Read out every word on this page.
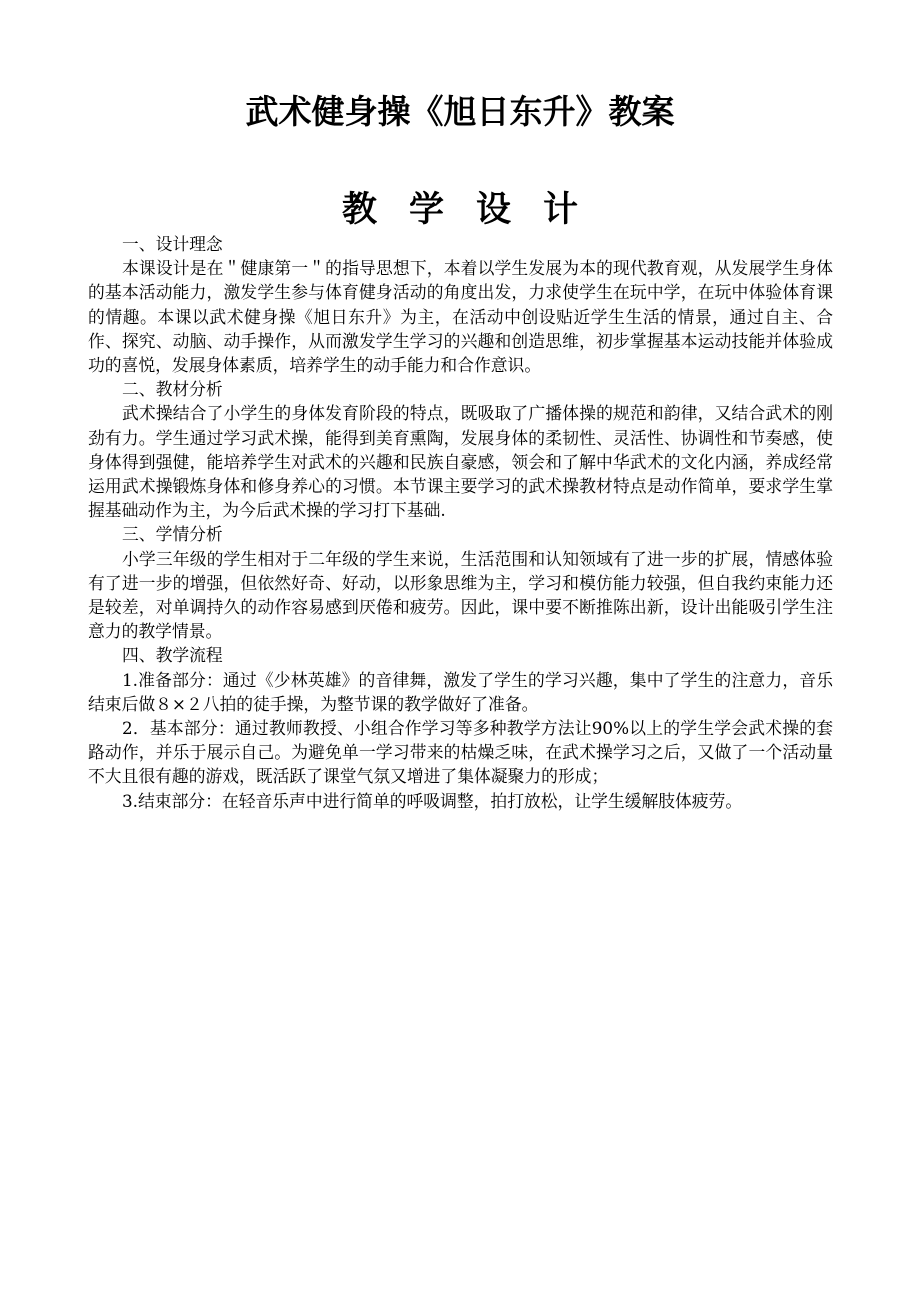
武术健身操《旭日东升》教案
教学设计

一、设计理念

本课设计是在＂健康第一＂的指导思想下，本着以学生发展为本的现代教育观，从发展学生身体的基本活动能力，激发学生参与体育健身活动的角度出发，力求使学生在玩中学，在玩中体验体育课的情趣。本课以武术健身操《旭日东升》为主，在活动中创设贴近学生生活的情景，通过自主、合作、探究、动脑、动手操作，从而激发学生学习的兴趣和创造思维，初步掌握基本运动技能并体验成功的喜悦，发展身体素质，培养学生的动手能力和合作意识。

二、教材分析

武术操结合了小学生的身体发育阶段的特点，既吸取了广播体操的规范和韵律，又结合武术的刚劲有力。学生通过学习武术操，能得到美育熏陶，发展身体的柔韧性、灵活性、协调性和节奏感，使身体得到强健，能培养学生对武术的兴趣和民族自豪感，领会和了解中华武术的文化内涵，养成经常运用武术操锻炼身体和修身养心的习惯。本节课主要学习的武术操教材特点是动作简单，要求学生掌握基础动作为主，为今后武术操的学习打下基础.

三、学情分析

小学三年级的学生相对于二年级的学生来说，生活范围和认知领域有了进一步的扩展，情感体验有了进一步的增强，但依然好奇、好动，以形象思维为主，学习和模仿能力较强，但自我约束能力还是较差，对单调持久的动作容易感到厌倦和疲劳。因此，课中要不断推陈出新，设计出能吸引学生注意力的教学情景。

四、教学流程

1.准备部分：通过《少林英雄》的音律舞，激发了学生的学习兴趣，集中了学生的注意力，音乐结束后做８×２八拍的徒手操，为整节课的教学做好了准备。

2．基本部分：通过教师教授、小组合作学习等多种教学方法让90%以上的学生学会武术操的套路动作，并乐于展示自己。为避免单一学习带来的枯燥乏味，在武术操学习之后，又做了一个活动量不大且很有趣的游戏，既活跃了课堂气氛又增进了集体凝聚力的形成；

3.结束部分：在轻音乐声中进行简单的呼吸调整，拍打放松，让学生缓解肢体疲劳。
